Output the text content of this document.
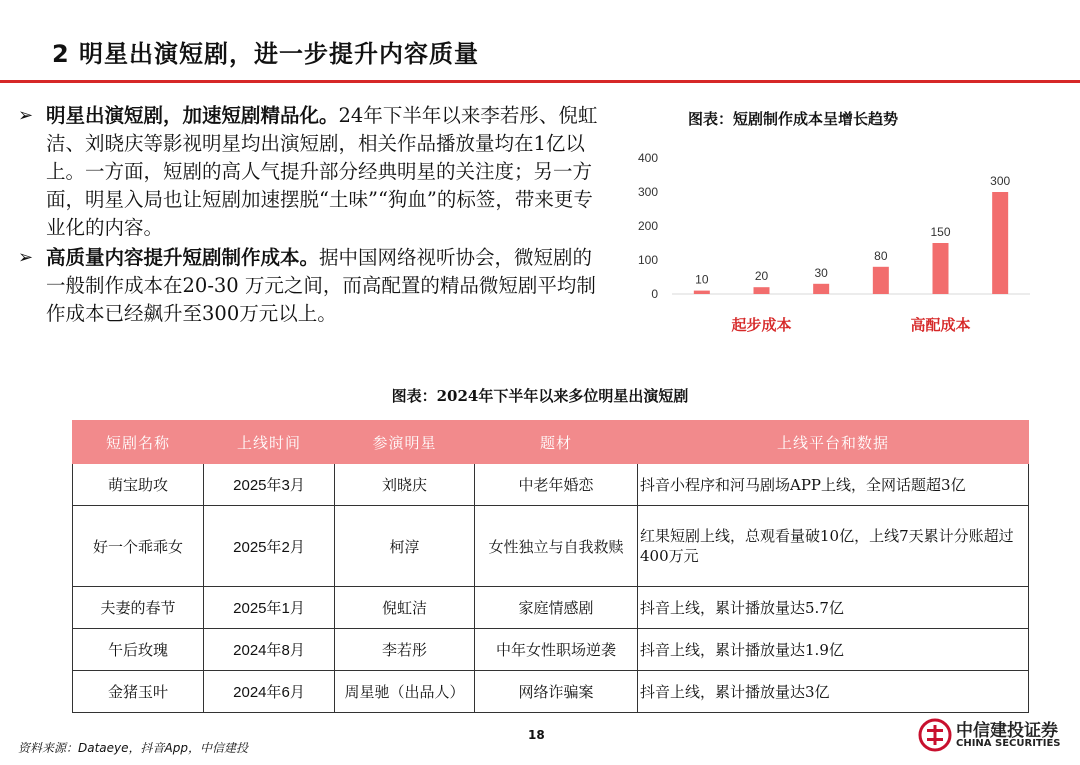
2 明星出演短剧，进一步提升内容质量
➢ 明星出演短剧，加速短剧精品化。24年下半年以来李若彤、倪虹洁、刘晓庆等影视明星均出演短剧，相关作品播放量均在1亿以上。一方面，短剧的高人气提升部分经典明星的关注度；另一方面，明星入局也让短剧加速摆脱“土味”“狗血”的标签，带来更专业化的内容。
➢ 高质量内容提升短剧制作成本。据中国网络视听协会，微短剧的一般制作成本在20-30 万元之间，而高配置的精品微短剧平均制作成本已经飙升至300万元以上。
图表：短剧制作成本呈增长趋势
0
100
200
300
400
10	20	30
80
150
300
起步成本	高配成本
图表：2024年下半年以来多位明星出演短剧
短剧名称	上线时间	参演明星	题材	上线平台和数据
萌宝助攻	2025年3月	刘晓庆	中老年婚恋	抖音小程序和河马剧场APP上线，全网话题超3亿
好一个乖乖女	2025年2月	柯淳	女性独立与自我救赎	红果短剧上线，总观看量破10亿，上线7天累计分账超过400万元
夫妻的春节	2025年1月	倪虹洁	家庭情感剧	抖音上线，累计播放量达5.7亿
午后玫瑰	2024年8月	李若彤	中年女性职场逆袭	抖音上线，累计播放量达1.9亿
金猪玉叶	2024年6月	周星驰（出品人）	网络诈骗案	抖音上线，累计播放量达3亿
资料来源：Dataeye，抖音App，中信建投
18	中信建投证券
CHINA SECURITIES
